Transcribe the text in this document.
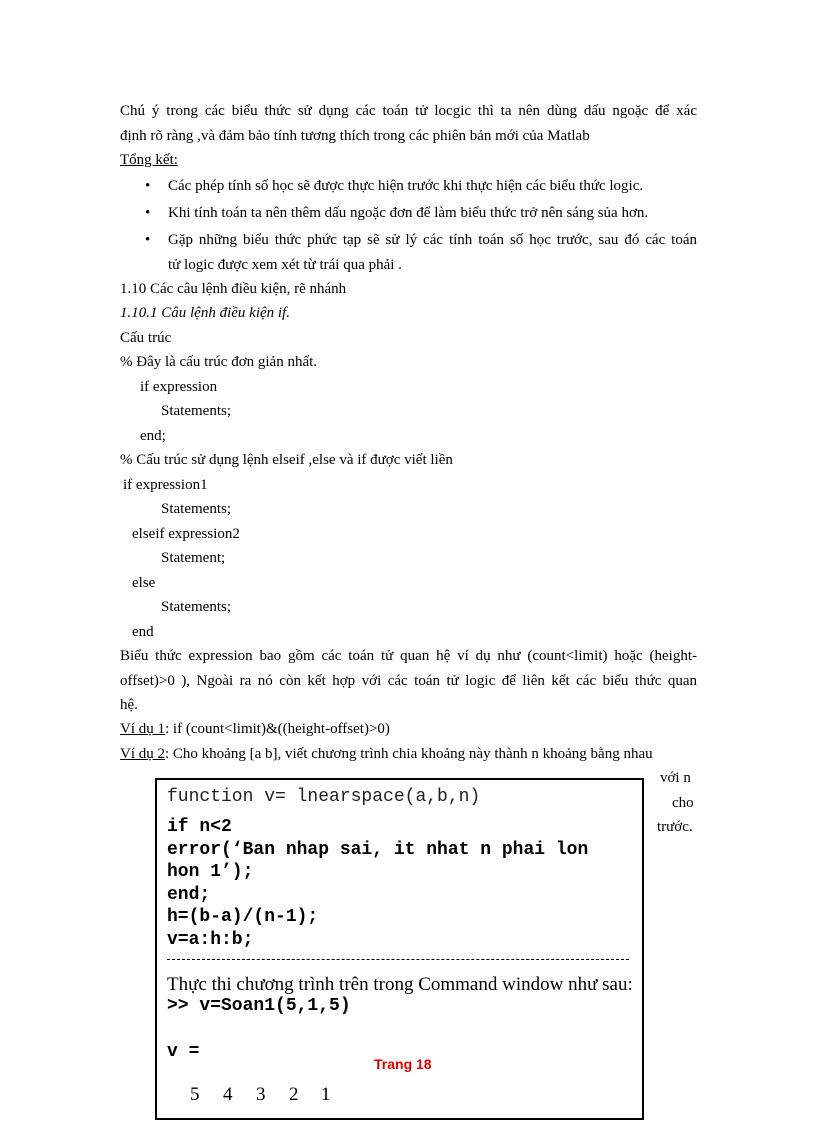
Chú ý trong các biểu thức sử dụng các toán tử locgic thì ta nên dùng dấu ngoặc để xác
định rõ ràng ,và đảm bảo tính tương thích trong các phiên bản mới của Matlab
Tổng kết:
• Các phép tính số học sẽ được thực hiện trước khi thực hiện các biểu thức logic.
• Khi tính toán ta nên thêm dấu ngoặc đơn để làm biểu thức trở nên sáng sủa hơn.
• Gặp những biểu thức phức tạp sẽ sử lý các tính toán số học trước, sau đó các toán
tử logic được xem xét từ trái qua phải .
1.10 Các câu lệnh điều kiện, rẽ nhánh
1.10.1 Câu lệnh điều kiện if.
Cấu trúc
% Đây là cấu trúc đơn giản nhất.
if expression
Statements;
end;
% Cấu trúc sử dụng lệnh elseif ,else và if được viết liền
if expression1
Statements;
elseif expression2
Statement;
else
Statements;
end
Biểu thức expression bao gồm các toán tử quan hệ ví dụ như (count<limit) hoặc (height-
offset)>0 ), Ngoài ra nó còn kết hợp với các toán tử logic để liên kết các biểu thức quan
hệ.
Ví dụ 1: if (count<limit)&((height-offset)>0)
Ví dụ 2: Cho khoảng [a b], viết chương trình chia khoảng này thành n khoảng bằng nhau
với n
cho
trước.
function v= lnearspace(a,b,n)
if n<2
error(‘Ban nhap sai, it nhat n phai lon
hon 1’);
end;
h=(b-a)/(n-1);
v=a:h:b;
Thực thi chương trình trên trong Command window như sau:
>> v=Soan1(5,1,5)
v =
5 4 3 2 1
Trang 18
